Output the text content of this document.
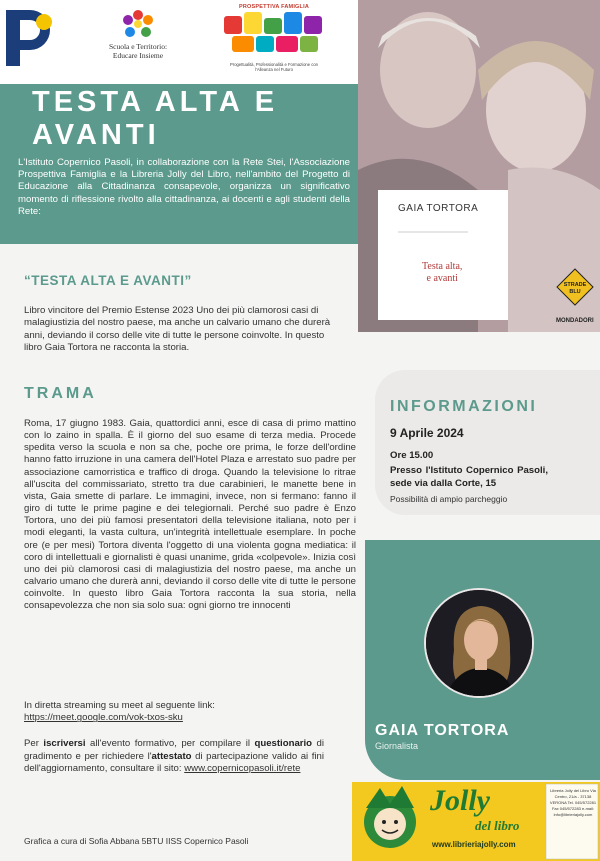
Scuola e Territorio:
Educare Insieme
PROSPETTIVA FAMIGLIA
Progettualità, Professionalità e Formazione con l'Alleanza nel Futuro
TESTA ALTA E AVANTI
L'Istituto Copernico Pasoli, in collaborazione con la Rete Stei, l'Associazione Prospettiva Famiglia e la Libreria Jolly del Libro, nell'ambito del Progetto di Educazione alla Cittadinanza consapevole, organizza un significativo momento di riflessione rivolto alla cittadinanza, ai docenti e agli studenti della Rete:	GAIA TORTORA
Testa alta,
e avanti
STRADE
BLU
MONDADORI
“TESTA ALTA E AVANTI”
Libro vincitore del Premio Estense 2023 Uno dei più clamorosi casi di malagiustizia del nostro paese, ma anche un calvario umano che durerà anni, deviando il corso delle vite di tutte le persone coinvolte. In questo libro Gaia Tortora ne racconta la storia.
TRAMA
Roma, 17 giugno 1983. Gaia, quattordici anni, esce di casa di primo mattino con lo zaino in spalla. È il giorno del suo esame di terza media. Procede spedita verso la scuola e non sa che, poche ore prima, le forze dell'ordine hanno fatto irruzione in una camera dell'Hotel Plaza e arrestato suo padre per associazione camorristica e traffico di droga. Quando la televisione lo ritrae all'uscita del commissariato, stretto tra due carabinieri, le manette bene in vista, Gaia smette di parlare. Le immagini, invece, non si fermano: fanno il giro di tutte le prime pagine e dei telegiornali. Perché suo padre è Enzo Tortora, uno dei più famosi presentatori della televisione italiana, noto per i modi eleganti, la vasta cultura, un'integrità intellettuale esemplare. In poche ore (e per mesi) Tortora diventa l'oggetto di una violenta gogna mediatica: il coro di intellettuali e giornalisti è quasi unanime, grida «colpevole». Inizia così uno dei più clamorosi casi di malagiustizia del nostro paese, ma anche un calvario umano che durerà anni, deviando il corso delle vite di tutte le persone coinvolte. In questo libro Gaia Tortora racconta la sua storia, nella consapevolezza che non sia solo sua: ogni giorno tre innocenti
In diretta streaming su meet al seguente link:
https://meet.google.com/vok-txos-sku
Per iscriversi all'evento formativo, per compilare il questionario di gradimento e per richiedere l'attestato di partecipazione valido ai fini dell'aggiornamento, consultare il sito: www.copernicopasoli.it/rete
Grafica a cura di Sofia Abbana 5BTU IISS Copernico Pasoli
INFORMAZIONI
9 Aprile 2024
Ore 15.00
Presso l'Istituto Copernico Pasoli, sede via dalla Corte, 15
Possibilità di ampio parcheggio
GAIA TORTORA
Giornalista
Jolly
del libro
www.librieriajolly.com
Libreria Jolly del Libro Via Centro, 21/a - 37138 VERONA Tel. 045/572281 Fax 045/572283 e-mail: info@librieriajolly.com
